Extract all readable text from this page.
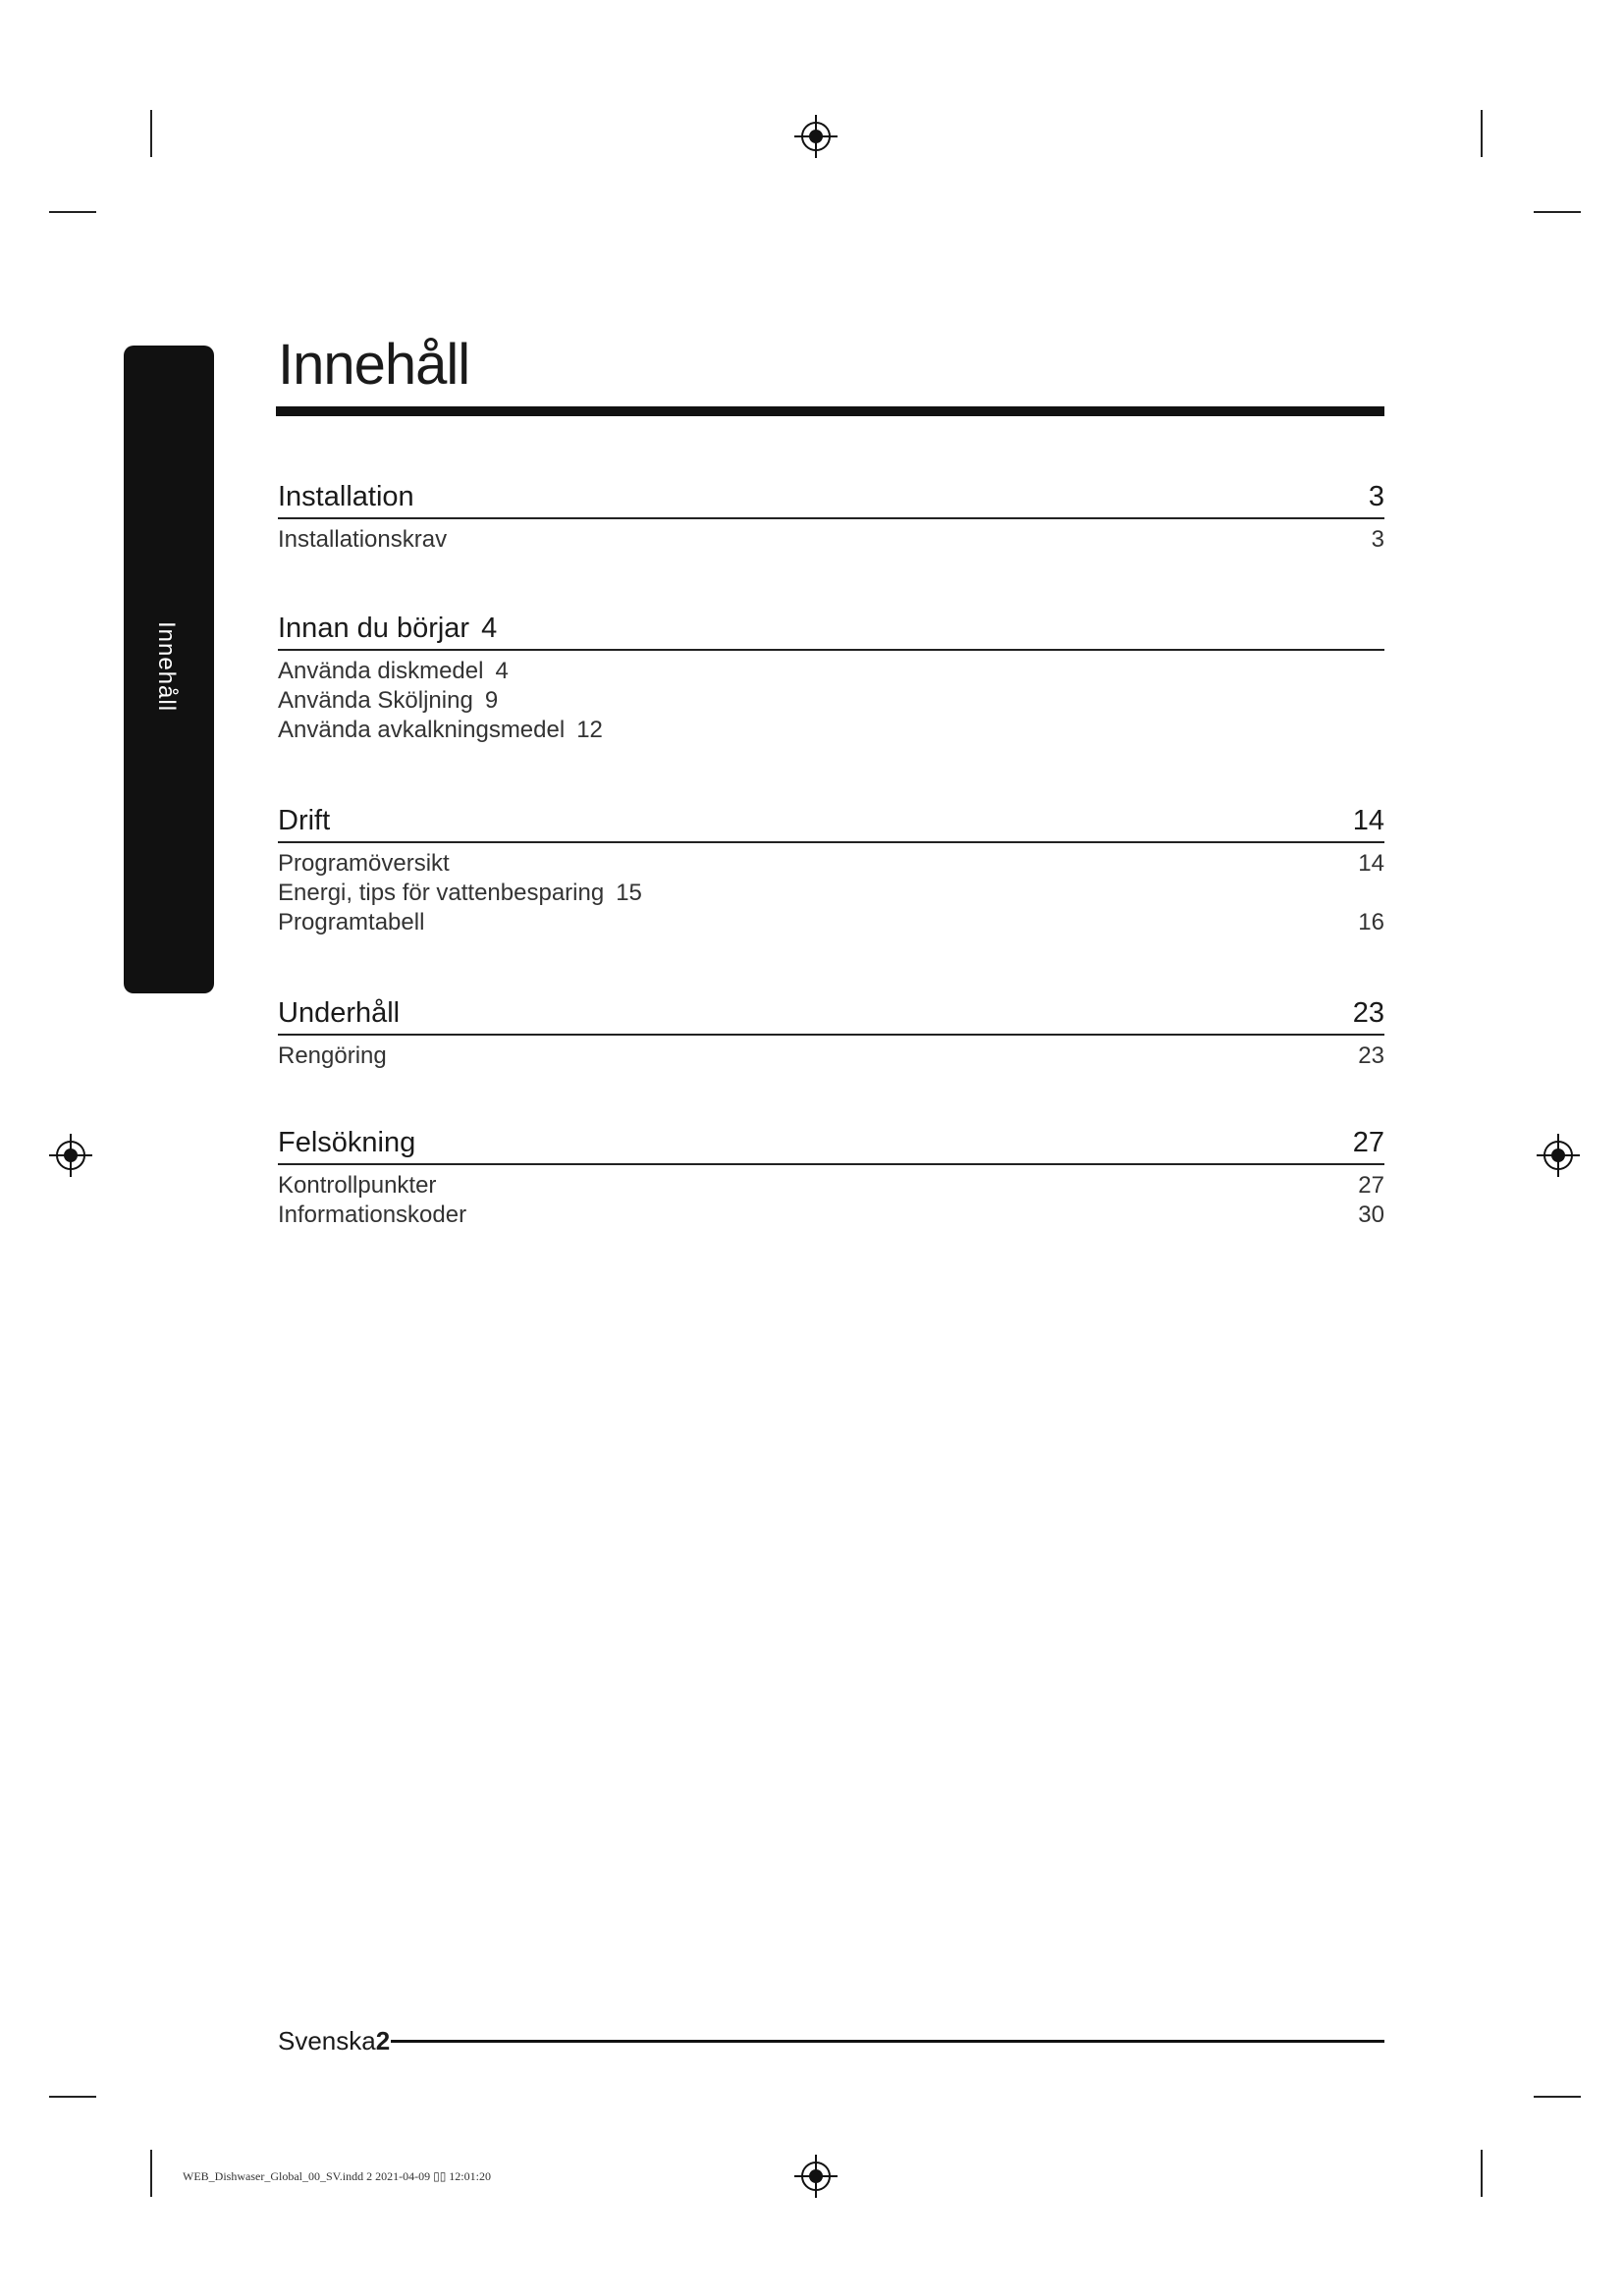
Innehåll
Innehåll
Installation	3
Installationskrav	3
Innan du börjar 4
Använda diskmedel 4
Använda Sköljning 9
Använda avkalkningsmedel 12
Drift	14
Programöversikt	14
Energi, tips för vattenbesparing 15
Programtabell	16
Underhåll	23
Rengöring	23
Felsökning	27
Kontrollpunkter	27
Informationskoder	30
Svenska2
WEB_Dishwaser_Global_00_SV.indd 2 2021-04-09 ▯▯ 12:01:20
